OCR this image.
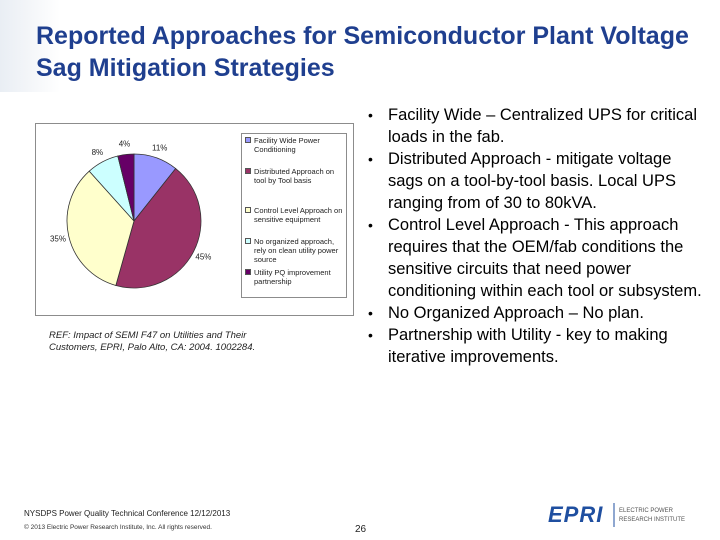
Reported Approaches for Semiconductor Plant Voltage Sag Mitigation Strategies
11%
45%
35%
8%
4%	Facility Wide Power Conditioning
Distributed Approach on tool by Tool basis
Control Level Approach on sensitive equipment
No organized approach, rely on clean utility power source
Utility PQ improvement partnership
REF: Impact of SEMI F47 on Utilities and Their Customers, EPRI, Palo Alto, CA: 2004. 1002284.
• Facility Wide – Centralized UPS for critical loads in the fab.
• Distributed Approach - mitigate voltage sags on a tool-by-tool basis. Local UPS ranging from of 30 to 80kVA.
• Control Level Approach - This approach requires that the OEM/fab conditions the sensitive circuits that need power conditioning within each tool or subsystem.
• No Organized Approach – No plan.
• Partnership with Utility - key to making iterative improvements.
NYSDPS Power Quality Technical Conference 12/12/2013
© 2013 Electric Power Research Institute, Inc. All rights reserved.	26
EPRI	ELECTRIC POWER
RESEARCH INSTITUTE
